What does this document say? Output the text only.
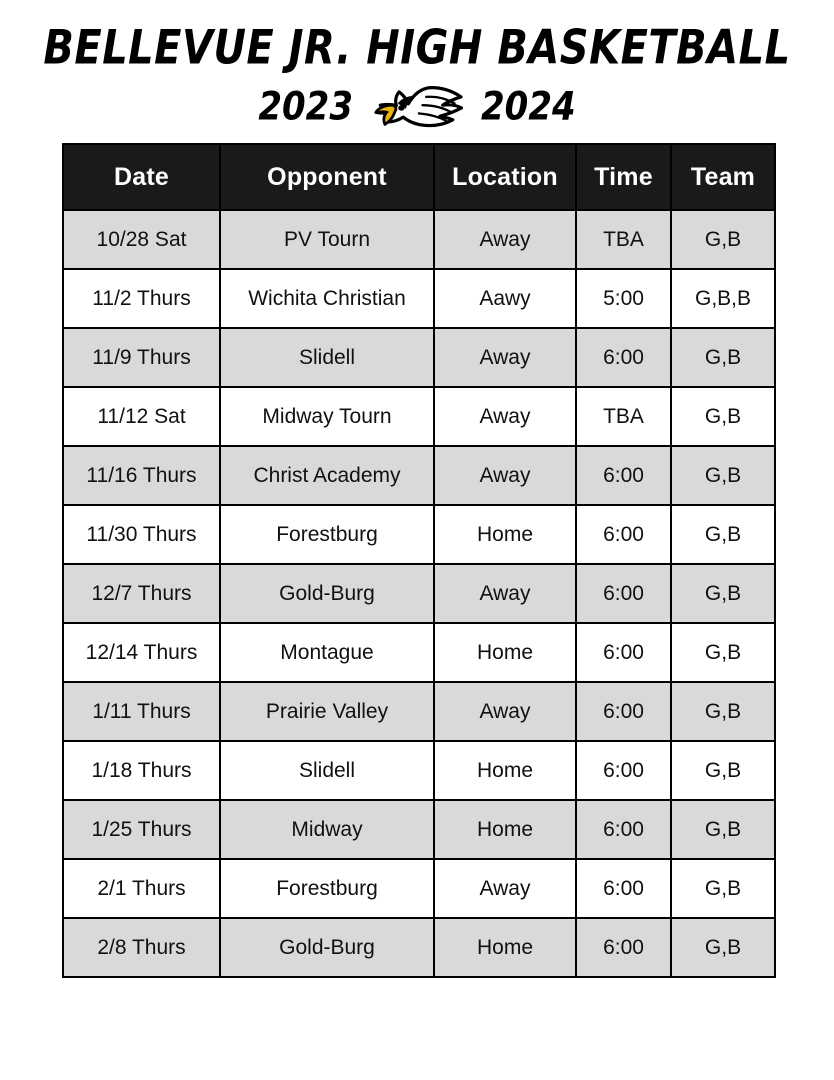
BELLEVUE JR. HIGH BASKETBALL
2023	2024
Date	Opponent	Location	Time	Team
10/28 Sat	PV Tourn	Away	TBA	G,B
11/2 Thurs	Wichita Christian	Aawy	5:00	G,B,B
11/9 Thurs	Slidell	Away	6:00	G,B
11/12 Sat	Midway Tourn	Away	TBA	G,B
11/16 Thurs	Christ Academy	Away	6:00	G,B
11/30 Thurs	Forestburg	Home	6:00	G,B
12/7 Thurs	Gold-Burg	Away	6:00	G,B
12/14 Thurs	Montague	Home	6:00	G,B
1/11 Thurs	Prairie Valley	Away	6:00	G,B
1/18 Thurs	Slidell	Home	6:00	G,B
1/25 Thurs	Midway	Home	6:00	G,B
2/1 Thurs	Forestburg	Away	6:00	G,B
2/8 Thurs	Gold-Burg	Home	6:00	G,B
